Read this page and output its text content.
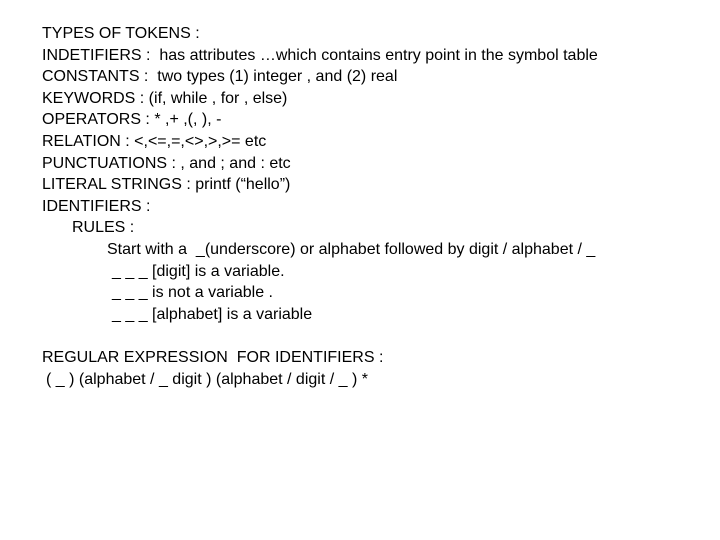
TYPES OF TOKENS :

INDETIFIERS :  has attributes …which contains entry point in the symbol table

CONSTANTS :  two types (1) integer , and (2) real

KEYWORDS : (if, while , for , else)

OPERATORS : * ,+ ,(, ), -

RELATION : <,<=,=,<>,>,>= etc

PUNCTUATIONS : , and ; and : etc

LITERAL STRINGS : printf (“hello”)

IDENTIFIERS :

RULES :

Start with a  _(underscore) or alphabet followed by digit / alphabet / _

_ _ _ [digit] is a variable.

_ _ _ is not a variable .

_ _ _ [alphabet] is a variable

REGULAR EXPRESSION  FOR IDENTIFIERS :

( _ ) (alphabet / _ digit ) (alphabet / digit / _ ) *
